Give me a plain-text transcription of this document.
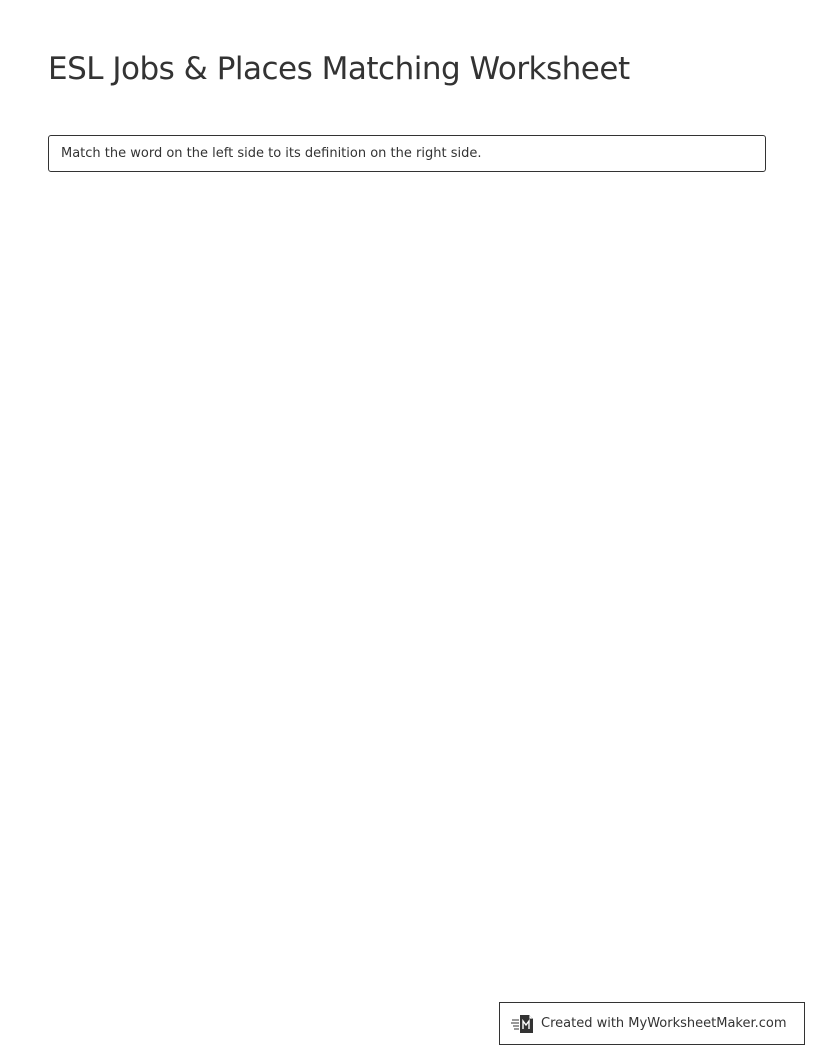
ESL Jobs & Places Matching Worksheet
Match the word on the left side to its definition on the right side.
Created with MyWorksheetMaker.com
